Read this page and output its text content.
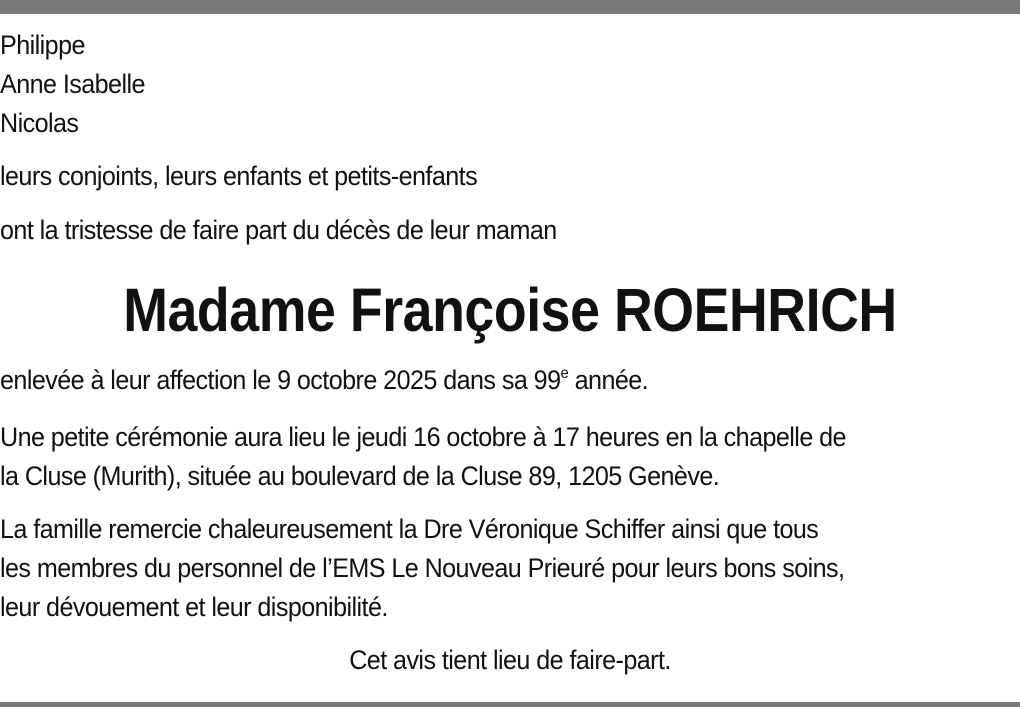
Philippe
Anne Isabelle
Nicolas
leurs conjoints, leurs enfants et petits-enfants
ont la tristesse de faire part du décès de leur maman
Madame Françoise ROEHRICH
enlevée à leur affection le 9 octobre 2025 dans sa 99e année.
Une petite cérémonie aura lieu le jeudi 16 octobre à 17 heures en la chapelle de
la Cluse (Murith), située au boulevard de la Cluse 89, 1205 Genève.
La famille remercie chaleureusement la Dre Véronique Schiffer ainsi que tous
les membres du personnel de l’EMS Le Nouveau Prieuré pour leurs bons soins,
leur dévouement et leur disponibilité.
Cet avis tient lieu de faire-part.
